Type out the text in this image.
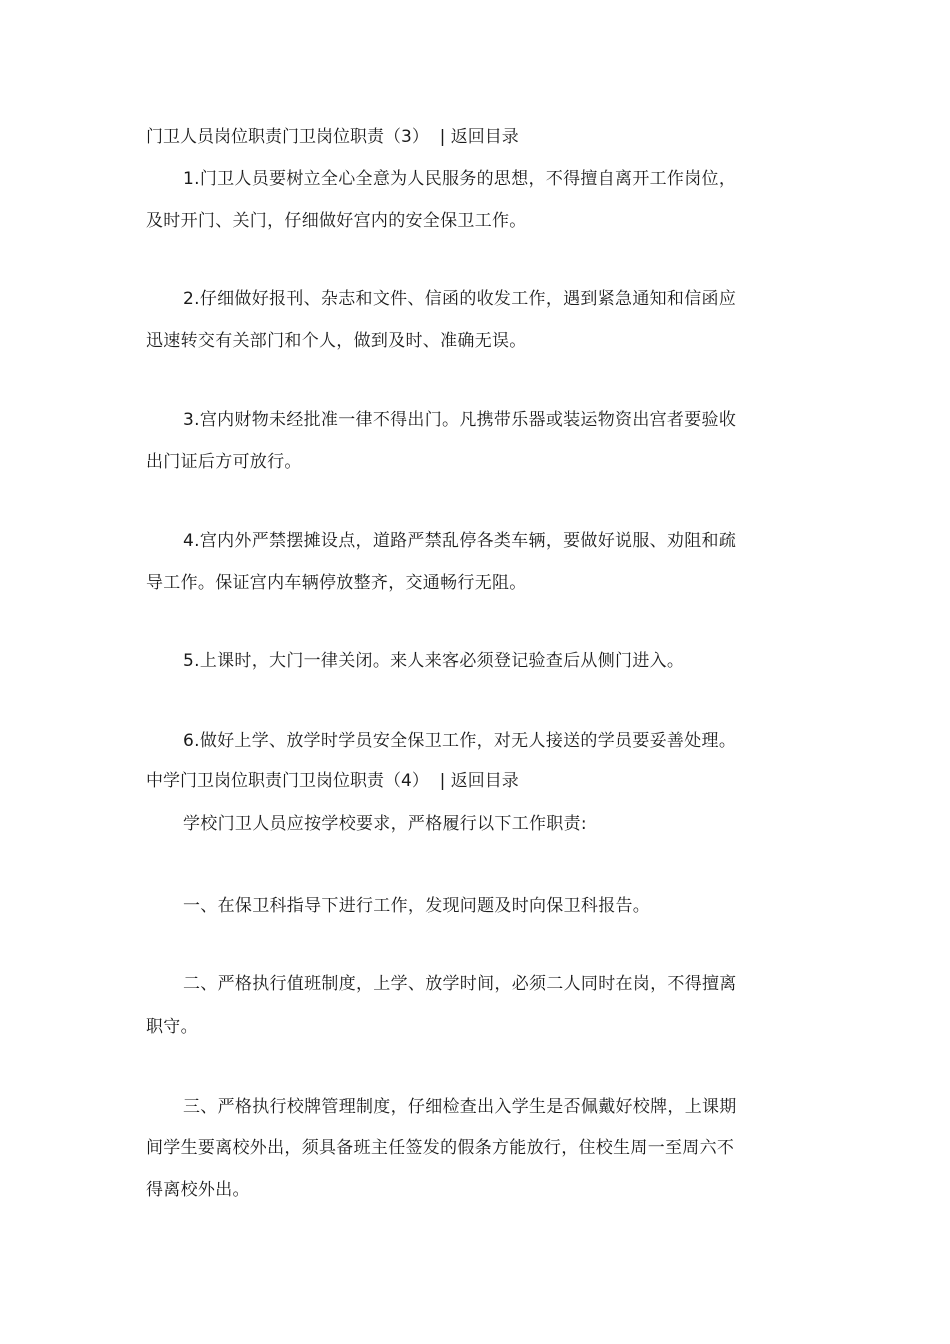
门卫人员岗位职责门卫岗位职责（3） | 返回目录
1.门卫人员要树立全心全意为人民服务的思想，不得擅自离开工作岗位，
及时开门、关门，仔细做好宫内的安全保卫工作。
2.仔细做好报刊、杂志和文件、信函的收发工作，遇到紧急通知和信函应
迅速转交有关部门和个人，做到及时、准确无误。
3.宫内财物未经批准一律不得出门。凡携带乐器或装运物资出宫者要验收
出门证后方可放行。
4.宫内外严禁摆摊设点，道路严禁乱停各类车辆，要做好说服、劝阻和疏
导工作。保证宫内车辆停放整齐，交通畅行无阻。
5.上课时，大门一律关闭。来人来客必须登记验查后从侧门进入。
6.做好上学、放学时学员安全保卫工作，对无人接送的学员要妥善处理。
中学门卫岗位职责门卫岗位职责（4） | 返回目录
学校门卫人员应按学校要求，严格履行以下工作职责:
一、在保卫科指导下进行工作，发现问题及时向保卫科报告。
二、严格执行值班制度，上学、放学时间，必须二人同时在岗，不得擅离
职守。
三、严格执行校牌管理制度，仔细检查出入学生是否佩戴好校牌，上课期
间学生要离校外出，须具备班主任签发的假条方能放行，住校生周一至周六不
得离校外出。
